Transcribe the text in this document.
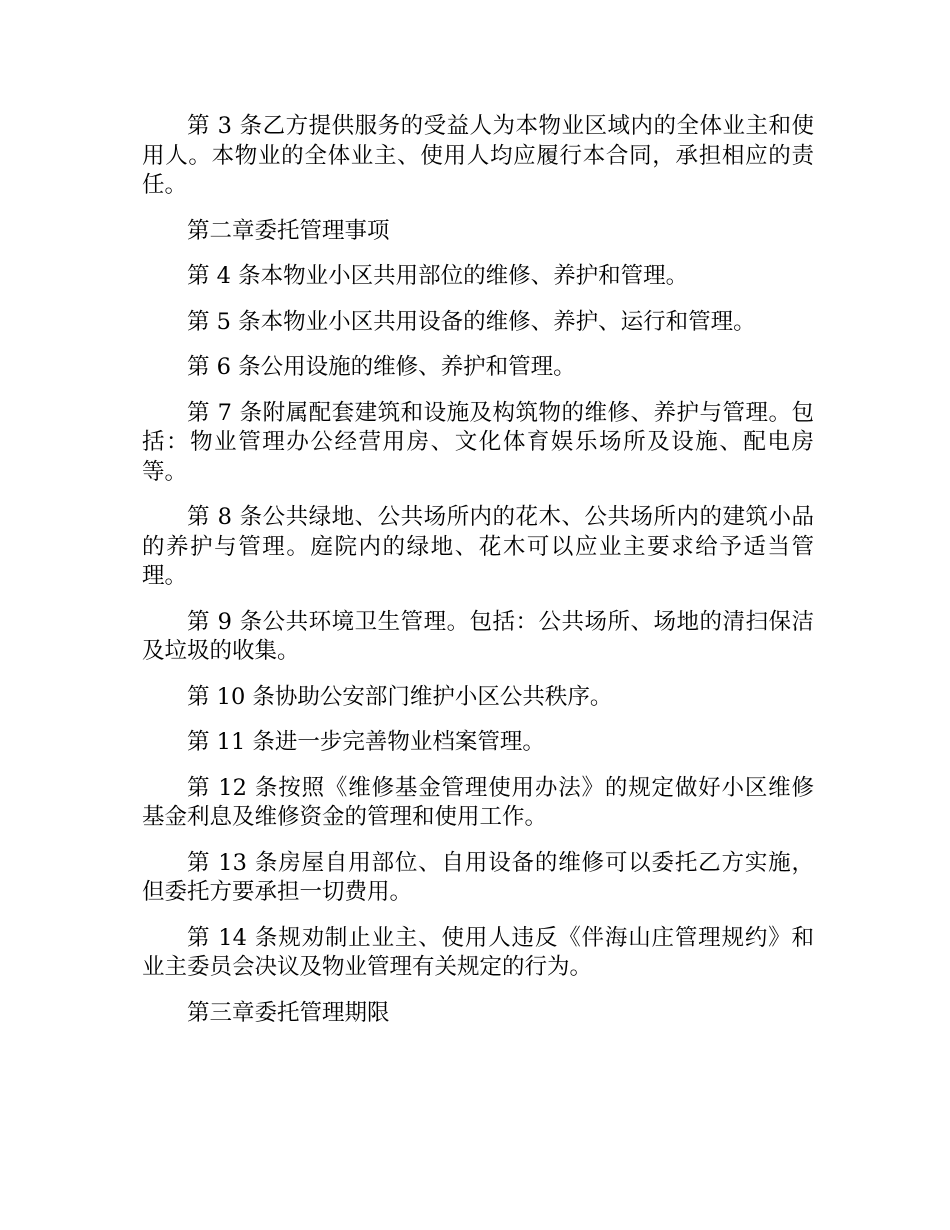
第 3 条乙方提供服务的受益人为本物业区域内的全体业主和使用人。本物业的全体业主、使用人均应履行本合同，承担相应的责任。

第二章委托管理事项

第 4 条本物业小区共用部位的维修、养护和管理。

第 5 条本物业小区共用设备的维修、养护、运行和管理。

第 6 条公用设施的维修、养护和管理。

第 7 条附属配套建筑和设施及构筑物的维修、养护与管理。包括：物业管理办公经营用房、文化体育娱乐场所及设施、配电房等。

第 8 条公共绿地、公共场所内的花木、公共场所内的建筑小品的养护与管理。庭院内的绿地、花木可以应业主要求给予适当管理。

第 9 条公共环境卫生管理。包括：公共场所、场地的清扫保洁及垃圾的收集。

第 10 条协助公安部门维护小区公共秩序。

第 11 条进一步完善物业档案管理。

第 12 条按照《维修基金管理使用办法》的规定做好小区维修基金利息及维修资金的管理和使用工作。

第 13 条房屋自用部位、自用设备的维修可以委托乙方实施，但委托方要承担一切费用。

第 14 条规劝制止业主、使用人违反《伴海山庄管理规约》和业主委员会决议及物业管理有关规定的行为。

第三章委托管理期限
